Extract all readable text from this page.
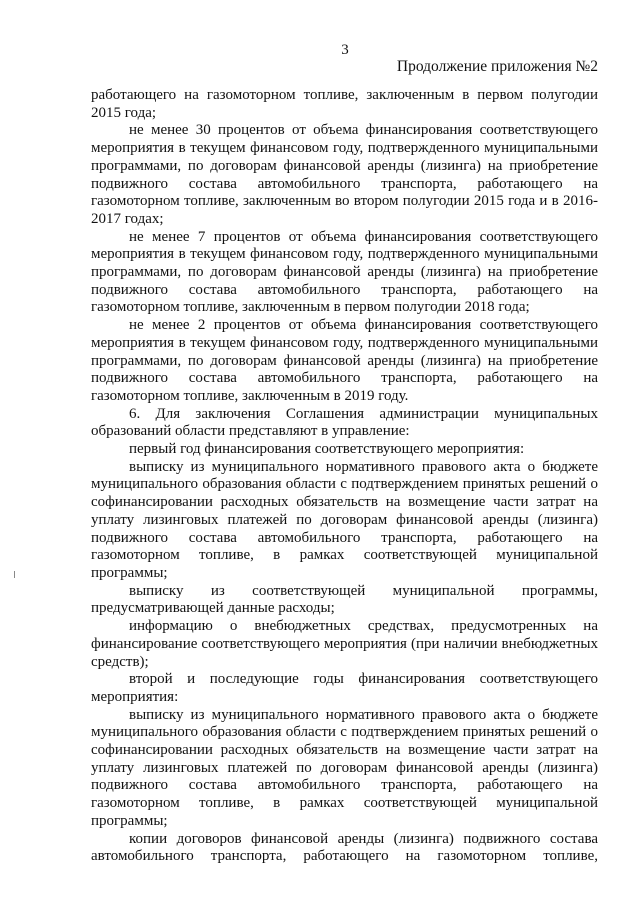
3
Продолжение приложения №2

работающего на газомоторном топливе, заключенным в первом полугодии 2015 года;

не менее 30 процентов от объема финансирования соответствующего мероприятия в текущем финансовом году, подтвержденного муниципальными программами, по договорам финансовой аренды (лизинга) на приобретение подвижного состава автомобильного транспорта, работающего на газомоторном топливе, заключенным во втором полугодии 2015 года и в 2016-2017 годах;

не менее 7 процентов от объема финансирования соответствующего мероприятия в текущем финансовом году, подтвержденного муниципальными программами, по договорам финансовой аренды (лизинга) на приобретение подвижного состава автомобильного транспорта, работающего на газомоторном топливе, заключенным в первом полугодии 2018 года;

не менее 2 процентов от объема финансирования соответствующего мероприятия в текущем финансовом году, подтвержденного муниципальными программами, по договорам финансовой аренды (лизинга) на приобретение подвижного состава автомобильного транспорта, работающего на газомоторном топливе, заключенным в 2019 году.

6. Для заключения Соглашения администрации муниципальных образований области представляют в управление:

первый год финансирования соответствующего мероприятия:

выписку из муниципального нормативного правового акта о бюджете муниципального образования области с подтверждением принятых решений о софинансировании расходных обязательств на возмещение части затрат на уплату лизинговых платежей по договорам финансовой аренды (лизинга) подвижного состава автомобильного транспорта, работающего на газомоторном топливе, в рамках соответствующей муниципальной программы;

выписку из соответствующей муниципальной программы, предусматривающей данные расходы;

информацию о внебюджетных средствах, предусмотренных на финансирование соответствующего мероприятия (при наличии внебюджетных средств);

второй и последующие годы финансирования соответствующего мероприятия:

выписку из муниципального нормативного правового акта о бюджете муниципального образования области с подтверждением принятых решений о софинансировании расходных обязательств на возмещение части затрат на уплату лизинговых платежей по договорам финансовой аренды (лизинга) подвижного состава автомобильного транспорта, работающего на газомоторном топливе, в рамках соответствующей муниципальной программы;

копии договоров финансовой аренды (лизинга) подвижного состава автомобильного транспорта, работающего на газомоторном топливе,
